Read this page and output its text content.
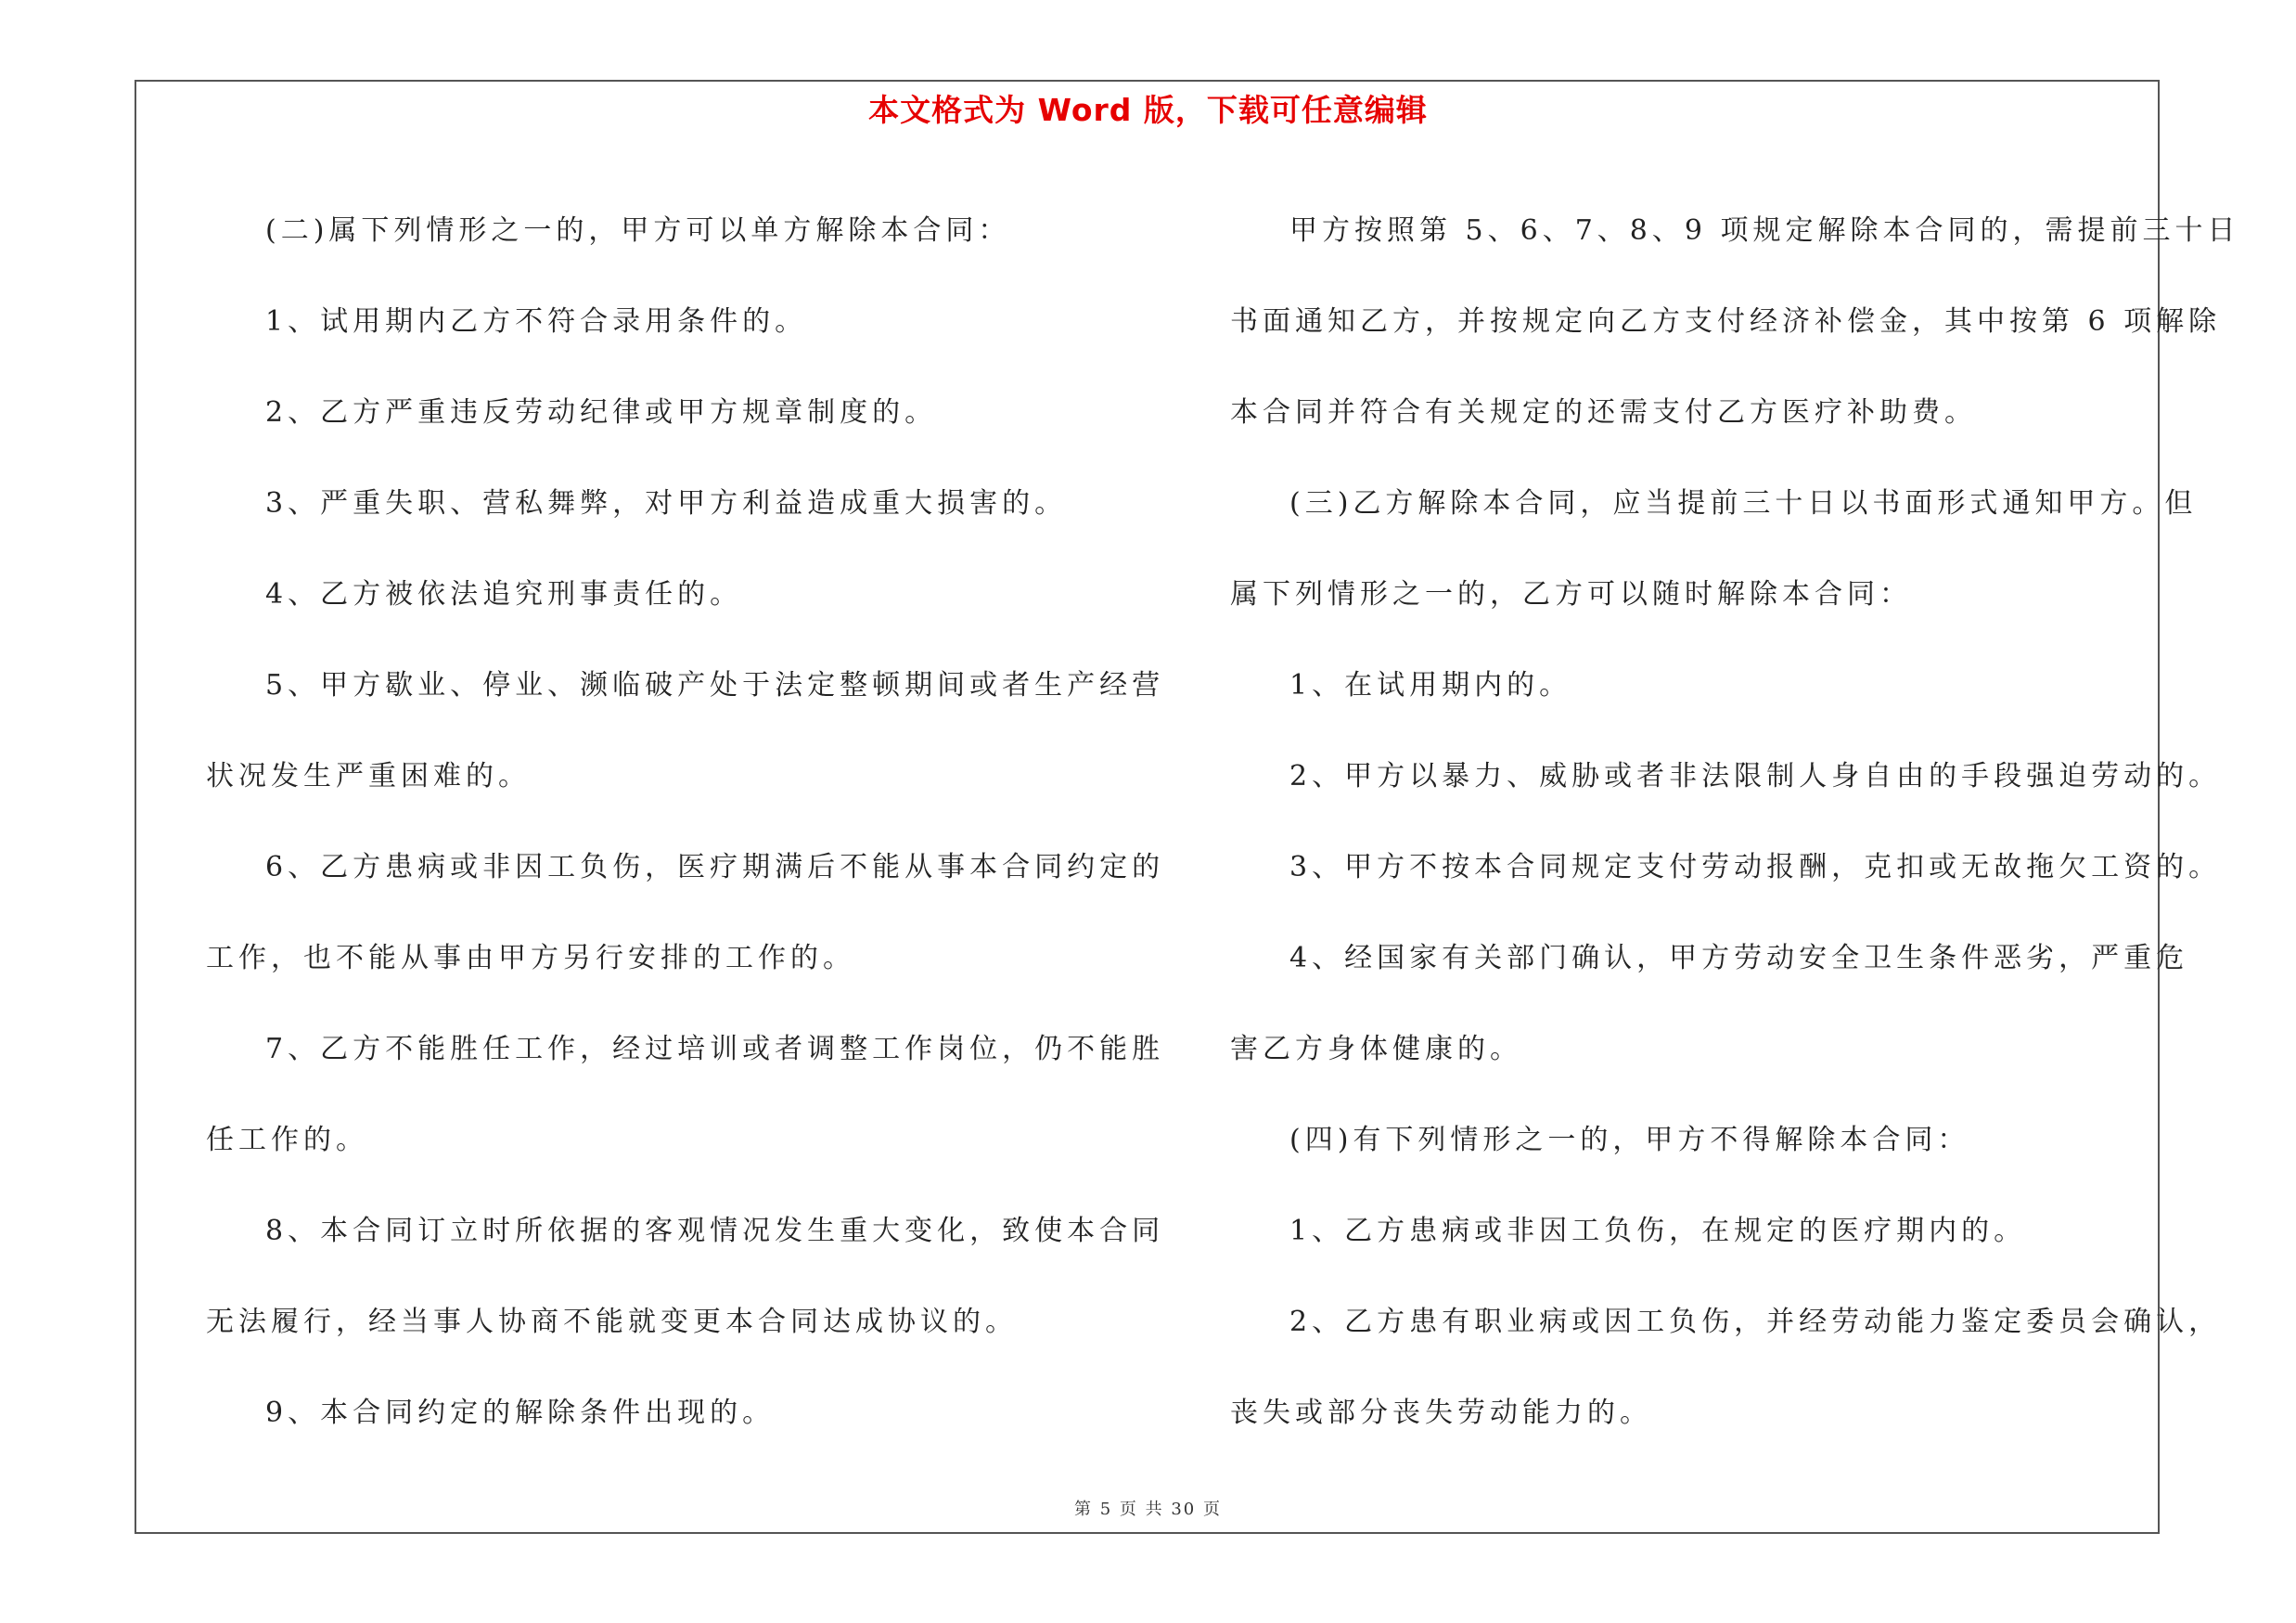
本文格式为 Word 版，下载可任意编辑
(二)属下列情形之一的，甲方可以单方解除本合同：
1、试用期内乙方不符合录用条件的。
2、乙方严重违反劳动纪律或甲方规章制度的。
3、严重失职、营私舞弊，对甲方利益造成重大损害的。
4、乙方被依法追究刑事责任的。
5、甲方歇业、停业、濒临破产处于法定整顿期间或者生产经营
状况发生严重困难的。
6、乙方患病或非因工负伤，医疗期满后不能从事本合同约定的
工作，也不能从事由甲方另行安排的工作的。
7、乙方不能胜任工作，经过培训或者调整工作岗位，仍不能胜
任工作的。
8、本合同订立时所依据的客观情况发生重大变化，致使本合同
无法履行，经当事人协商不能就变更本合同达成协议的。
9、本合同约定的解除条件出现的。
甲方按照第 5、6、7、8、9 项规定解除本合同的，需提前三十日
书面通知乙方，并按规定向乙方支付经济补偿金，其中按第 6 项解除
本合同并符合有关规定的还需支付乙方医疗补助费。
(三)乙方解除本合同，应当提前三十日以书面形式通知甲方。但
属下列情形之一的，乙方可以随时解除本合同：
1、在试用期内的。
2、甲方以暴力、威胁或者非法限制人身自由的手段强迫劳动的。
3、甲方不按本合同规定支付劳动报酬，克扣或无故拖欠工资的。
4、经国家有关部门确认，甲方劳动安全卫生条件恶劣，严重危
害乙方身体健康的。
(四)有下列情形之一的，甲方不得解除本合同：
1、乙方患病或非因工负伤，在规定的医疗期内的。
2、乙方患有职业病或因工负伤，并经劳动能力鉴定委员会确认，
丧失或部分丧失劳动能力的。
第 5 页 共 30 页
